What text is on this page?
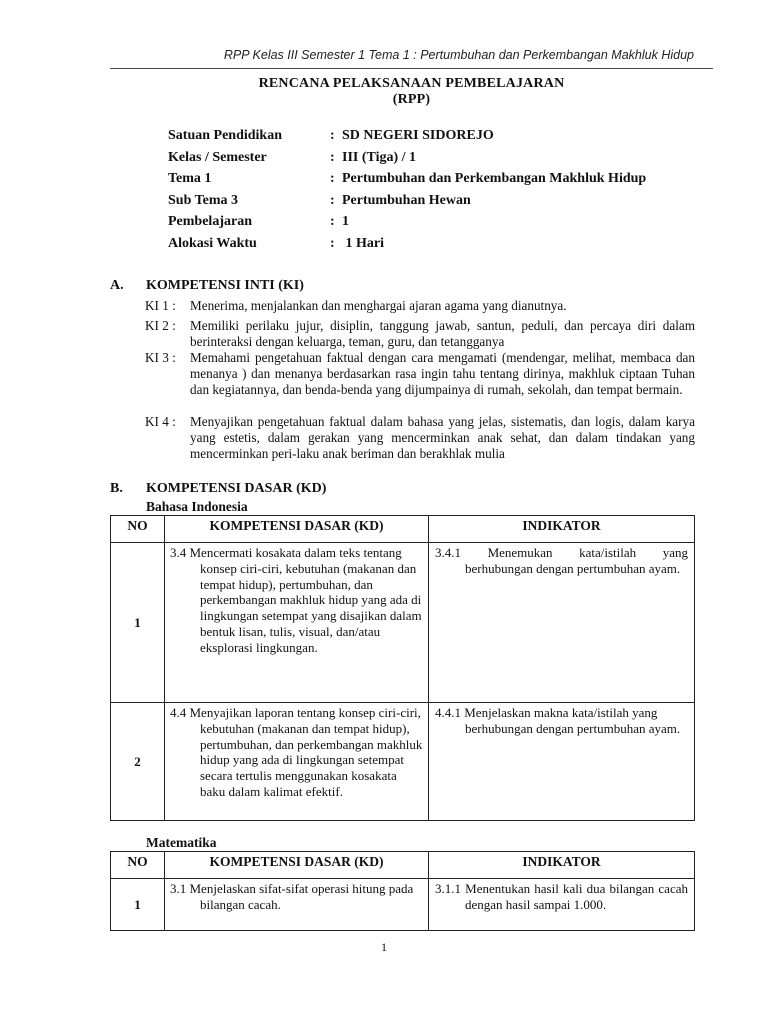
RPP Kelas III Semester 1 Tema 1 : Pertumbuhan dan Perkembangan Makhluk Hidup
RENCANA PELAKSANAAN PEMBELAJARAN
(RPP)
Satuan Pendidikan	: SD NEGERI SIDOREJO
Kelas / Semester	: III (Tiga) / 1
Tema 1	: Pertumbuhan dan Perkembangan Makhluk Hidup
Sub Tema 3	: Pertumbuhan Hewan
Pembelajaran	: 1
Alokasi Waktu	: 1 Hari
A. KOMPETENSI INTI (KI)
KI 1 : Menerima, menjalankan dan menghargai ajaran agama yang dianutnya.
KI 2 : Memiliki perilaku jujur, disiplin, tanggung jawab, santun, peduli, dan percaya diri dalam berinteraksi dengan keluarga, teman, guru, dan tetangganya
KI 3 : Memahami pengetahuan faktual dengan cara mengamati (mendengar, melihat, membaca dan menanya ) dan menanya berdasarkan rasa ingin tahu tentang dirinya, makhluk ciptaan Tuhan dan kegiatannya, dan benda-benda yang dijumpainya di rumah, sekolah, dan tempat bermain.
KI 4 : Menyajikan pengetahuan faktual dalam bahasa yang jelas, sistematis, dan logis, dalam karya yang estetis, dalam gerakan yang mencerminkan anak sehat, dan dalam tindakan yang mencerminkan peri-laku anak beriman dan berakhlak mulia
B. KOMPETENSI DASAR (KD)
Bahasa Indonesia
NO	KOMPETENSI DASAR (KD)	INDIKATOR
1	3.4 Mencermati kosakata dalam teks tentang konsep ciri-ciri, kebutuhan (makanan dan tempat hidup), pertumbuhan, dan perkembangan makhluk hidup yang ada di lingkungan setempat yang disajikan dalam bentuk lisan, tulis, visual, dan/atau eksplorasi lingkungan.	3.4.1 Menemukan kata/istilah yang berhubungan dengan pertumbuhan ayam.

2	4.4 Menyajikan laporan tentang konsep ciri-ciri, kebutuhan (makanan dan tempat hidup), pertumbuhan, dan perkembangan makhluk hidup yang ada di lingkungan setempat secara tertulis menggunakan kosakata baku dalam kalimat efektif.	4.4.1 Menjelaskan makna kata/istilah yang berhubungan dengan pertumbuhan ayam.
Matematika
NO	KOMPETENSI DASAR (KD)	INDIKATOR
1	3.1 Menjelaskan sifat-sifat operasi hitung pada bilangan cacah.	3.1.1 Menentukan hasil kali dua bilangan cacah dengan hasil sampai 1.000.
1
